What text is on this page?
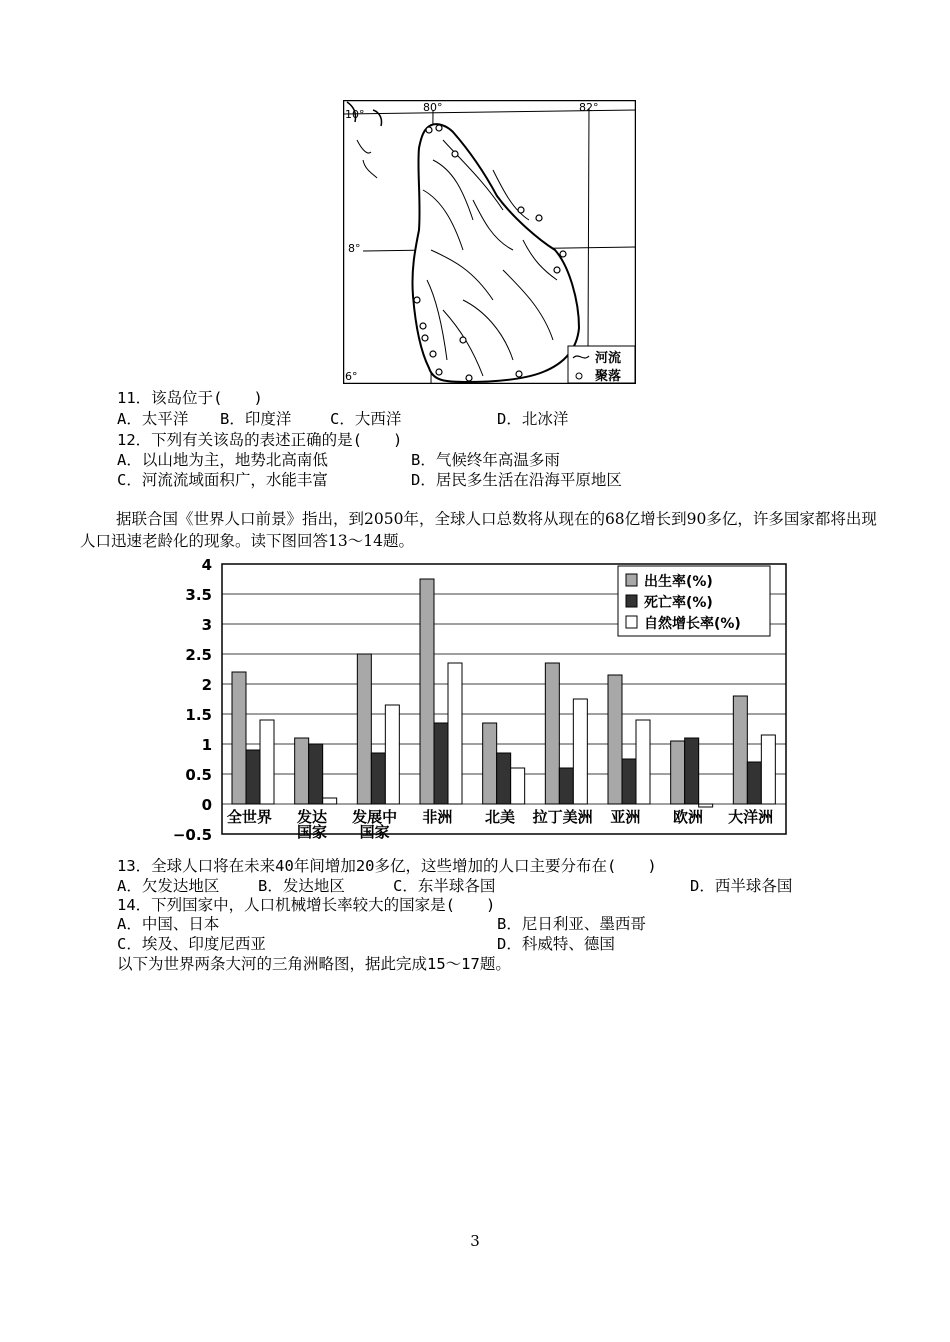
80°	82°
10°
8°
6°
河流
聚落
11．该岛位于(　　)
A．太平洋 B．印度洋 C．大西洋	D．北冰洋
12．下列有关该岛的表述正确的是(　　)
A．以山地为主，地势北高南低	B．气候终年高温多雨
C．河流流域面积广，水能丰富	D．居民多生活在沿海平原地区
据联合国《世界人口前景》指出，到2050年，全球人口总数将从现在的68亿增长到90多亿，许多国家都将出现人口迅速老龄化的现象。读下图回答13～14题。
4
3.5
3
2.5
2
1.5
1
0.5
0
−0.5
全世界 发达
国家
发展中
国家
非洲 北美 拉丁美洲 亚洲 欧洲 大洋洲
出生率(%)
死亡率(%)
自然增长率(%)
13．全球人口将在未来40年间增加20多亿，这些增加的人口主要分布在(　　)
A．欠发达地区 B．发达地区	C．东半球各国	D．西半球各国
14．下列国家中，人口机械增长率较大的国家是(　　)
A．中国、日本	B．尼日利亚、墨西哥
C．埃及、印度尼西亚	D．科威特、德国
以下为世界两条大河的三角洲略图，据此完成15～17题。
3
